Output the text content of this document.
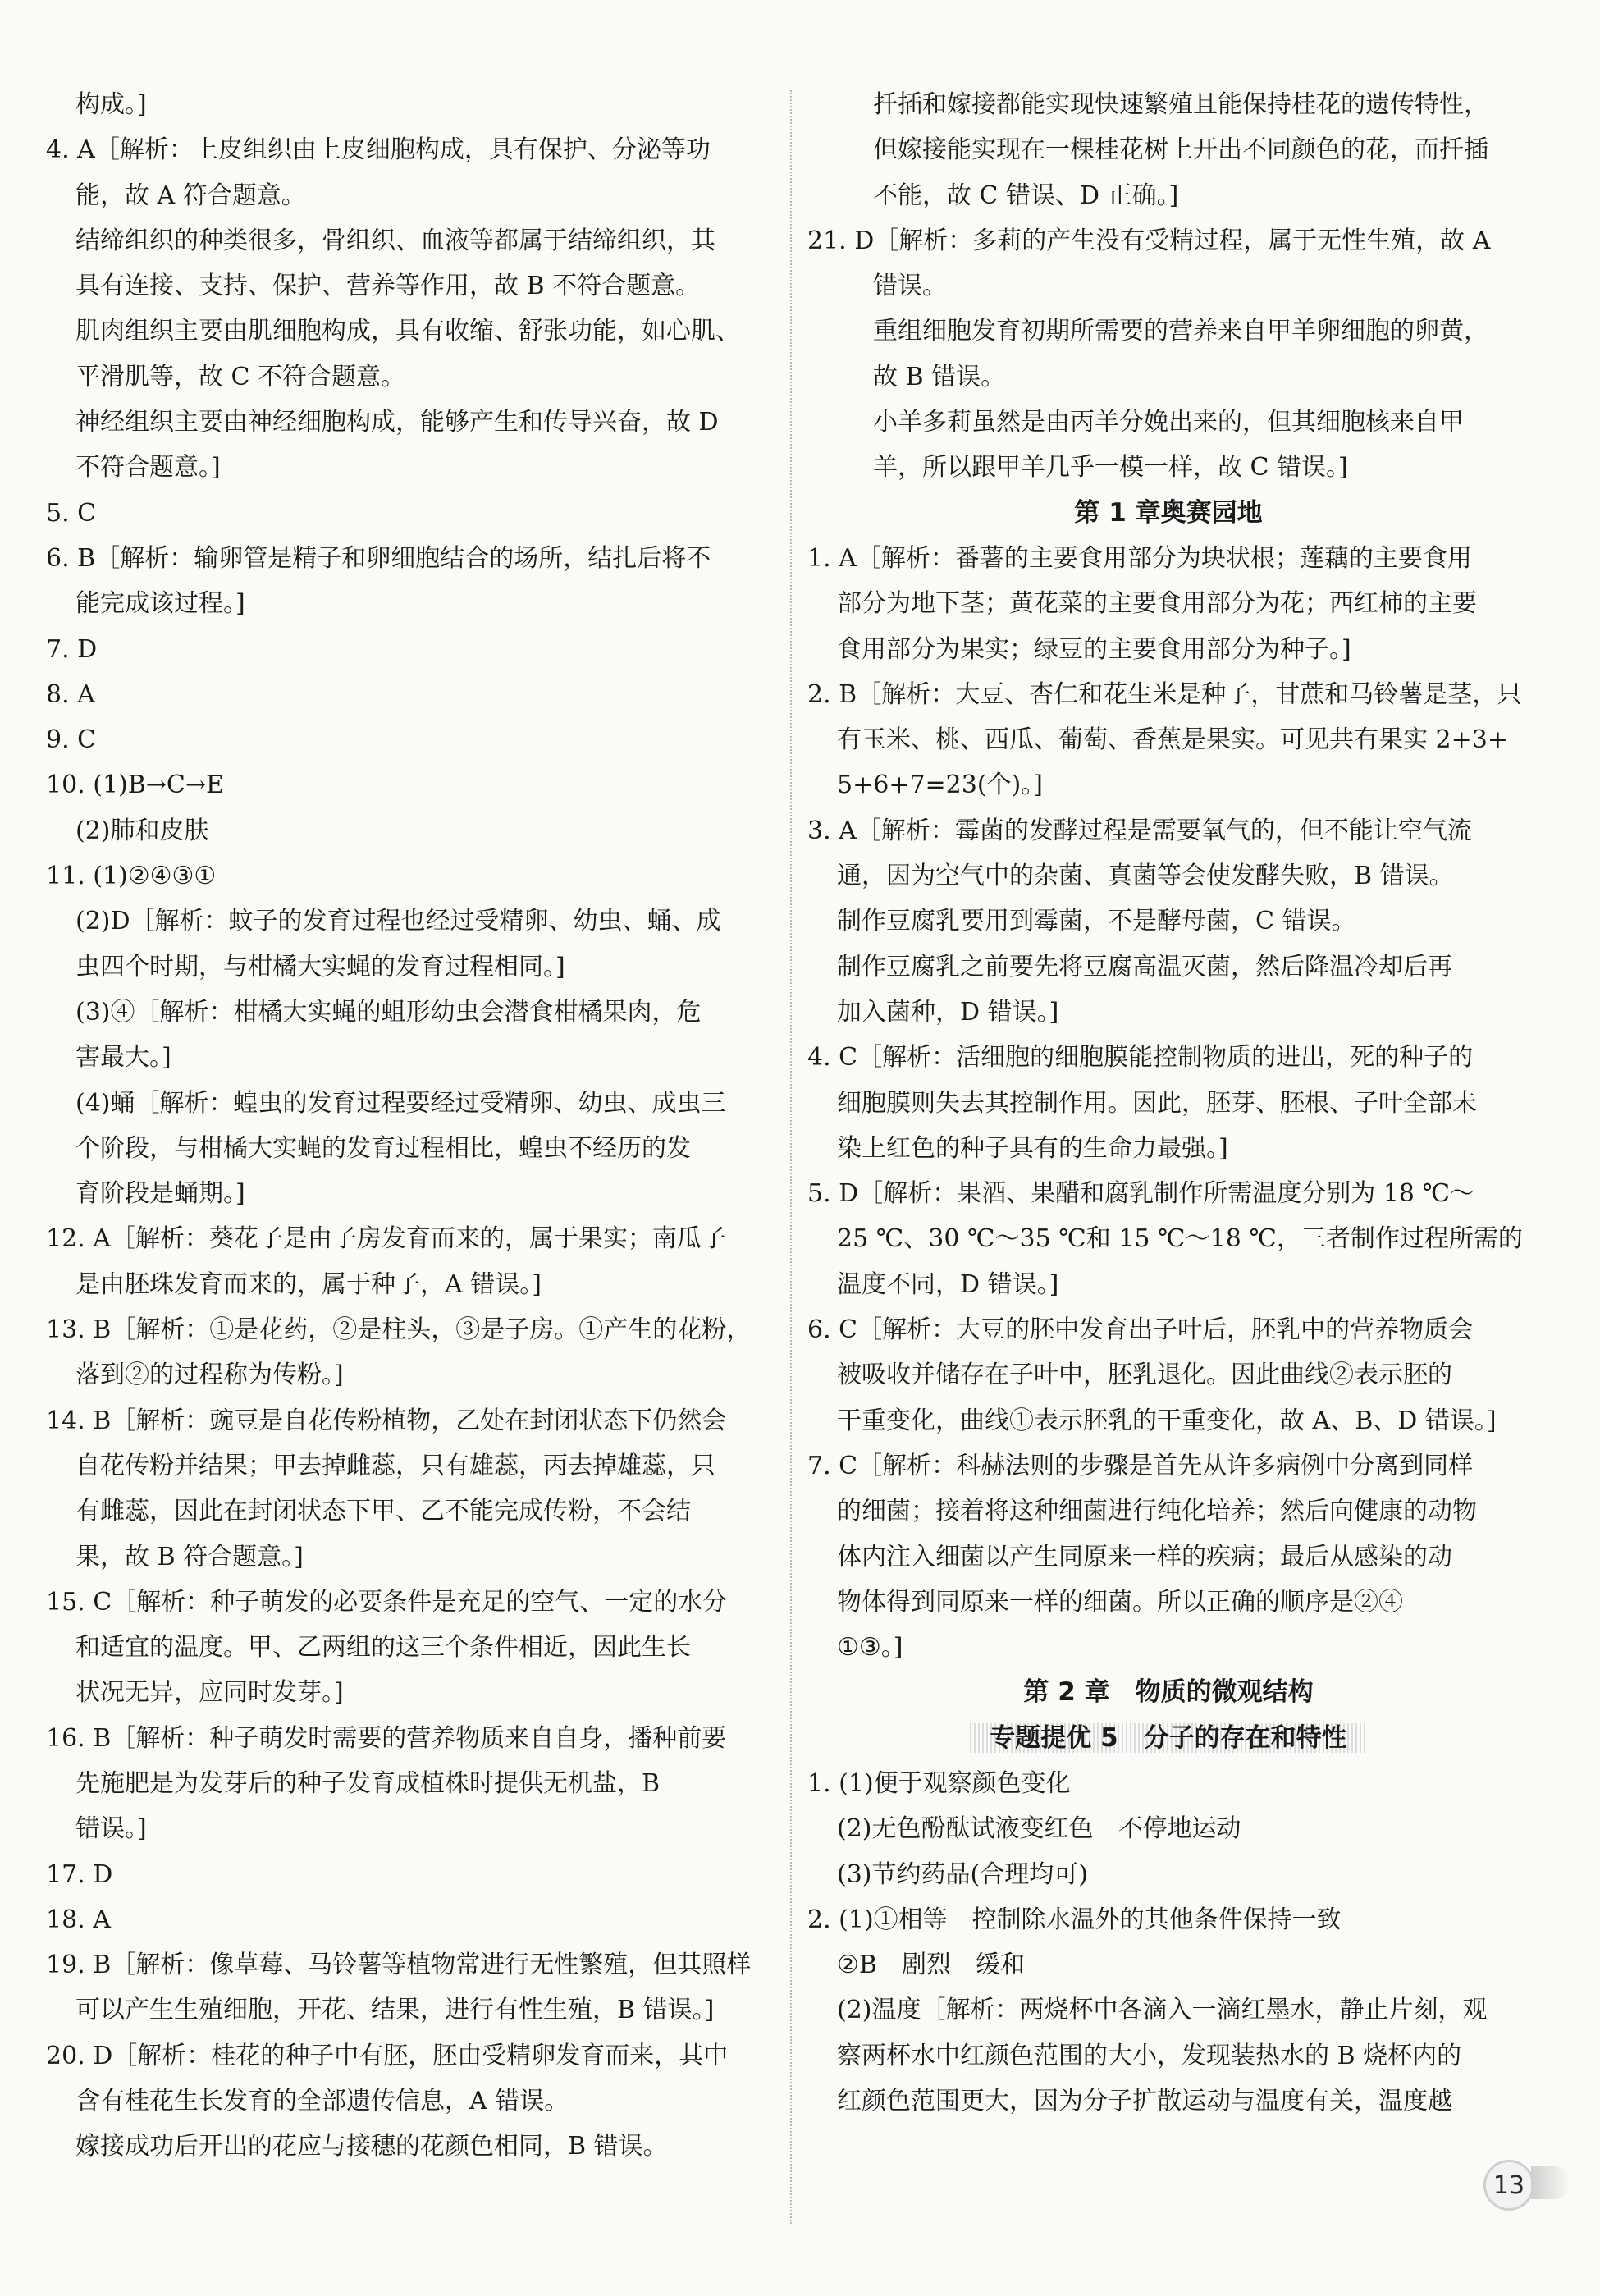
构成。]
4. A［解析：上皮组织由上皮细胞构成，具有保护、分泌等功
能，故 A 符合题意。
结缔组织的种类很多，骨组织、血液等都属于结缔组织，其
具有连接、支持、保护、营养等作用，故 B 不符合题意。
肌肉组织主要由肌细胞构成，具有收缩、舒张功能，如心肌、
平滑肌等，故 C 不符合题意。
神经组织主要由神经细胞构成，能够产生和传导兴奋，故 D
不符合题意。]
5. C
6. B［解析：输卵管是精子和卵细胞结合的场所，结扎后将不
能完成该过程。]
7. D
8. A
9. C
10. (1)B→C→E
(2)肺和皮肤
11. (1)②④③①
(2)D［解析：蚊子的发育过程也经过受精卵、幼虫、蛹、成
虫四个时期，与柑橘大实蝇的发育过程相同。]
(3)④［解析：柑橘大实蝇的蛆形幼虫会潜食柑橘果肉，危
害最大。]
(4)蛹［解析：蝗虫的发育过程要经过受精卵、幼虫、成虫三
个阶段，与柑橘大实蝇的发育过程相比，蝗虫不经历的发
育阶段是蛹期。]
12. A［解析：葵花子是由子房发育而来的，属于果实；南瓜子
是由胚珠发育而来的，属于种子，A 错误。]
13. B［解析：①是花药，②是柱头，③是子房。①产生的花粉，
落到②的过程称为传粉。]
14. B［解析：豌豆是自花传粉植物，乙处在封闭状态下仍然会
自花传粉并结果；甲去掉雌蕊，只有雄蕊，丙去掉雄蕊，只
有雌蕊，因此在封闭状态下甲、乙不能完成传粉，不会结
果，故 B 符合题意。]
15. C［解析：种子萌发的必要条件是充足的空气、一定的水分
和适宜的温度。甲、乙两组的这三个条件相近，因此生长
状况无异，应同时发芽。]
16. B［解析：种子萌发时需要的营养物质来自自身，播种前要
先施肥是为发芽后的种子发育成植株时提供无机盐，B
错误。]
17. D
18. A
19. B［解析：像草莓、马铃薯等植物常进行无性繁殖，但其照样
可以产生生殖细胞，开花、结果，进行有性生殖，B 错误。]
20. D［解析：桂花的种子中有胚，胚由受精卵发育而来，其中
含有桂花生长发育的全部遗传信息，A 错误。
嫁接成功后开出的花应与接穗的花颜色相同，B 错误。
扦插和嫁接都能实现快速繁殖且能保持桂花的遗传特性，
但嫁接能实现在一棵桂花树上开出不同颜色的花，而扦插
不能，故 C 错误、D 正确。]
21. D［解析：多莉的产生没有受精过程，属于无性生殖，故 A
错误。
重组细胞发育初期所需要的营养来自甲羊卵细胞的卵黄，
故 B 错误。
小羊多莉虽然是由丙羊分娩出来的，但其细胞核来自甲
羊，所以跟甲羊几乎一模一样，故 C 错误。]
第 1 章奥赛园地
1. A［解析：番薯的主要食用部分为块状根；莲藕的主要食用
部分为地下茎；黄花菜的主要食用部分为花；西红柿的主要
食用部分为果实；绿豆的主要食用部分为种子。]
2. B［解析：大豆、杏仁和花生米是种子，甘蔗和马铃薯是茎，只
有玉米、桃、西瓜、葡萄、香蕉是果实。可见共有果实 2+3+
5+6+7=23(个)。]
3. A［解析：霉菌的发酵过程是需要氧气的，但不能让空气流
通，因为空气中的杂菌、真菌等会使发酵失败，B 错误。
制作豆腐乳要用到霉菌，不是酵母菌，C 错误。
制作豆腐乳之前要先将豆腐高温灭菌，然后降温冷却后再
加入菌种，D 错误。]
4. C［解析：活细胞的细胞膜能控制物质的进出，死的种子的
细胞膜则失去其控制作用。因此，胚芽、胚根、子叶全部未
染上红色的种子具有的生命力最强。]
5. D［解析：果酒、果醋和腐乳制作所需温度分别为 18 ℃～
25 ℃、30 ℃～35 ℃和 15 ℃～18 ℃，三者制作过程所需的
温度不同，D 错误。]
6. C［解析：大豆的胚中发育出子叶后，胚乳中的营养物质会
被吸收并储存在子叶中，胚乳退化。因此曲线②表示胚的
干重变化，曲线①表示胚乳的干重变化，故 A、B、D 错误。]
7. C［解析：科赫法则的步骤是首先从许多病例中分离到同样
的细菌；接着将这种细菌进行纯化培养；然后向健康的动物
体内注入细菌以产生同原来一样的疾病；最后从感染的动
物体得到同原来一样的细菌。所以正确的顺序是②④
①③。]
第 2 章　物质的微观结构
专题提优 5　分子的存在和特性
1. (1)便于观察颜色变化
(2)无色酚酞试液变红色　不停地运动
(3)节约药品(合理均可)
2. (1)①相等　控制除水温外的其他条件保持一致
②B　剧烈　缓和
(2)温度［解析：两烧杯中各滴入一滴红墨水，静止片刻，观
察两杯水中红颜色范围的大小，发现装热水的 B 烧杯内的
红颜色范围更大，因为分子扩散运动与温度有关，温度越
13
